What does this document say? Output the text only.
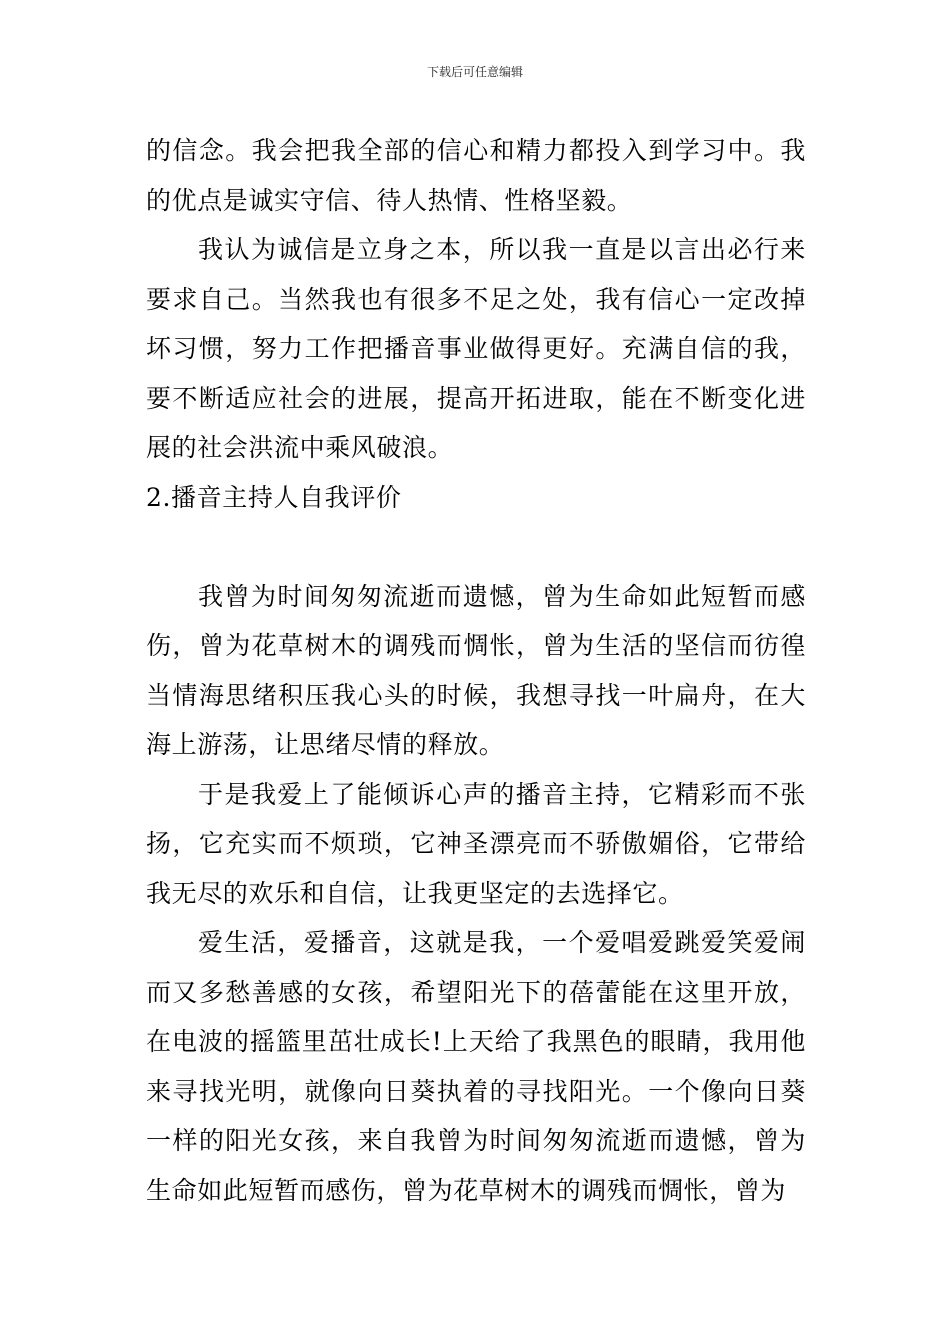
下载后可任意编辑

的信念。我会把我全部的信心和精力都投入到学习中。我的优点是诚实守信、待人热情、性格坚毅。

我认为诚信是立身之本，所以我一直是以言出必行来要求自己。当然我也有很多不足之处，我有信心一定改掉坏习惯，努力工作把播音事业做得更好。充满自信的我，要不断适应社会的进展，提高开拓进取，能在不断变化进展的社会洪流中乘风破浪。

2.播音主持人自我评价

我曾为时间匆匆流逝而遗憾，曾为生命如此短暂而感伤，曾为花草树木的调残而惆怅，曾为生活的坚信而彷徨当情海思绪积压我心头的时候，我想寻找一叶扁舟，在大海上游荡，让思绪尽情的释放。

于是我爱上了能倾诉心声的播音主持，它精彩而不张扬，它充实而不烦琐，它神圣漂亮而不骄傲媚俗，它带给我无尽的欢乐和自信，让我更坚定的去选择它。

爱生活，爱播音，这就是我，一个爱唱爱跳爱笑爱闹而又多愁善感的女孩，希望阳光下的蓓蕾能在这里开放，在电波的摇篮里茁壮成长!上天给了我黑色的眼睛，我用他来寻找光明，就像向日葵执着的寻找阳光。一个像向日葵一样的阳光女孩，来自我曾为时间匆匆流逝而遗憾，曾为生命如此短暂而感伤，曾为花草树木的调残而惆怅，曾为
